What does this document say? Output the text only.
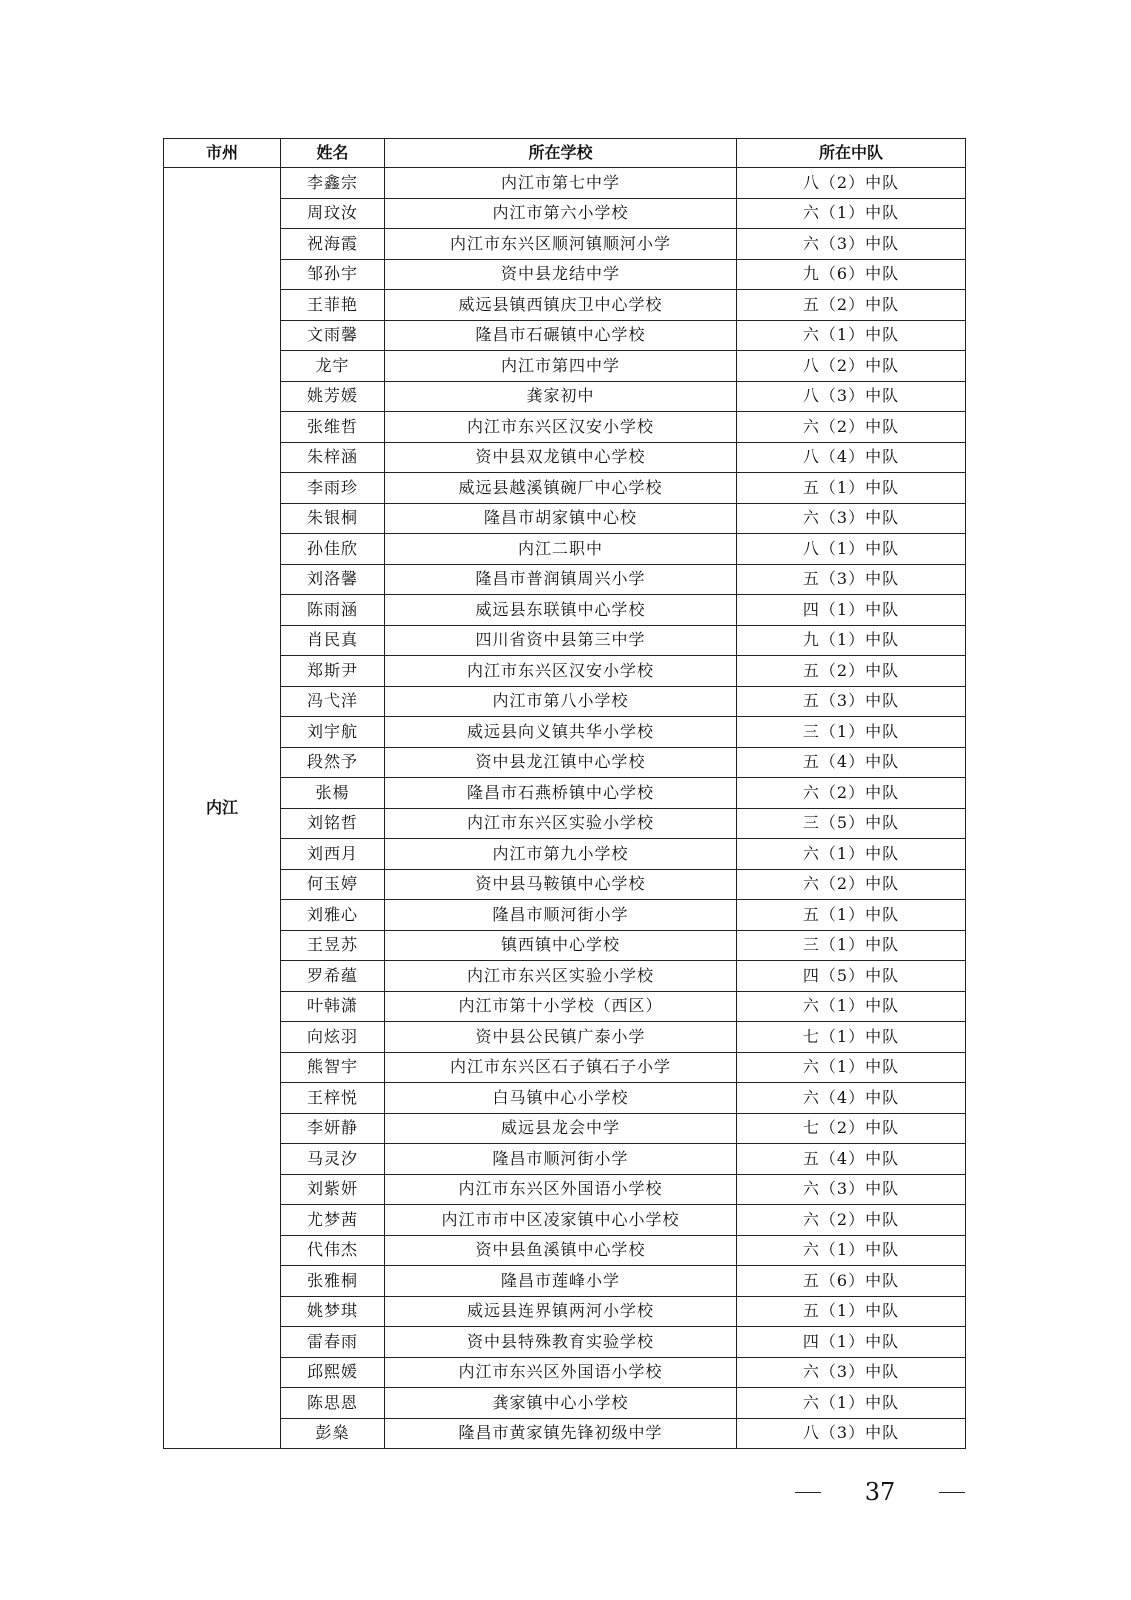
市州	姓名	所在学校	所在中队
内江	李鑫宗	内江市第七中学	八（2）中队
	周玟汝	内江市第六小学校	六（1）中队
	祝海霞	内江市东兴区顺河镇顺河小学	六（3）中队
	邹孙宇	资中县龙结中学	九（6）中队
	王菲艳	威远县镇西镇庆卫中心学校	五（2）中队
	文雨馨	隆昌市石碾镇中心学校	六（1）中队
	龙宇	内江市第四中学	八（2）中队
	姚芳媛	龚家初中	八（3）中队
	张维哲	内江市东兴区汉安小学校	六（2）中队
	朱梓涵	资中县双龙镇中心学校	八（4）中队
	李雨珍	威远县越溪镇碗厂中心学校	五（1）中队
	朱银桐	隆昌市胡家镇中心校	六（3）中队
	孙佳欣	内江二职中	八（1）中队
	刘洛馨	隆昌市普润镇周兴小学	五（3）中队
	陈雨涵	威远县东联镇中心学校	四（1）中队
	肖民真	四川省资中县第三中学	九（1）中队
	郑斯尹	内江市东兴区汉安小学校	五（2）中队
	冯弋洋	内江市第八小学校	五（3）中队
	刘宇航	威远县向义镇共华小学校	三（1）中队
	段然予	资中县龙江镇中心学校	五（4）中队
	张楊	隆昌市石燕桥镇中心学校	六（2）中队
	刘铭哲	内江市东兴区实验小学校	三（5）中队
	刘西月	内江市第九小学校	六（1）中队
	何玉婷	资中县马鞍镇中心学校	六（2）中队
	刘雅心	隆昌市顺河街小学	五（1）中队
	王昱苏	镇西镇中心学校	三（1）中队
	罗希蕴	内江市东兴区实验小学校	四（5）中队
	叶韩潇	内江市第十小学校（西区）	六（1）中队
	向炫羽	资中县公民镇广泰小学	七（1）中队
	熊智宇	内江市东兴区石子镇石子小学	六（1）中队
	王梓悦	白马镇中心小学校	六（4）中队
	李妍静	威远县龙会中学	七（2）中队
	马灵汐	隆昌市顺河街小学	五（4）中队
	刘紫妍	内江市东兴区外国语小学校	六（3）中队
	尤梦茜	内江市市中区凌家镇中心小学校	六（2）中队
	代伟杰	资中县鱼溪镇中心学校	六（1）中队
	张雅桐	隆昌市莲峰小学	五（6）中队
	姚梦琪	威远县连界镇两河小学校	五（1）中队
	雷春雨	资中县特殊教育实验学校	四（1）中队
	邱熙媛	内江市东兴区外国语小学校	六（3）中队
	陈思恩	龚家镇中心小学校	六（1）中队
	彭燊	隆昌市黄家镇先锋初级中学	八（3）中队
37
